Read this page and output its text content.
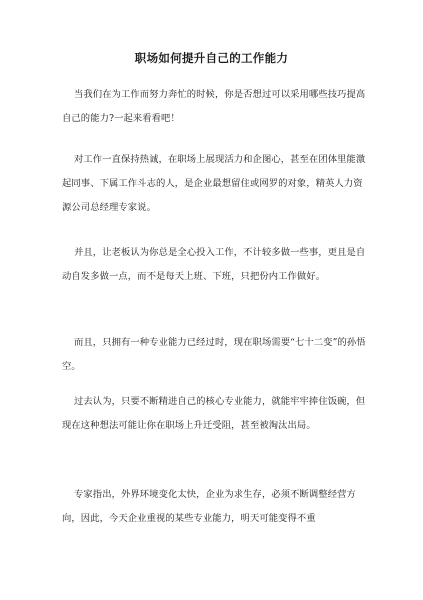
职场如何提升自己的工作能力

当我们在为工作而努力奔忙的时候，你是否想过可以采用哪些技巧提高自己的能力?一起来看看吧！

对工作一直保持热诚，在职场上展现活力和企图心，甚至在团体里能激起同事、下属工作斗志的人，是企业最想留住或网罗的对象，精英人力资源公司总经理专家说。

并且，让老板认为你总是全心投入工作，不计较多做一些事，更且是自动自发多做一点，而不是每天上班、下班，只把份内工作做好。

而且，只拥有一种专业能力已经过时，现在职场需要“七十二变”的孙悟空。

过去认为，只要不断精进自己的核心专业能力，就能牢牢捧住饭碗，但现在这种想法可能让你在职场上升迁受阻，甚至被淘汰出局。

专家指出，外界环境变化太快，企业为求生存，必须不断调整经营方向，因此，今天企业重视的某些专业能力，明天可能变得不重
